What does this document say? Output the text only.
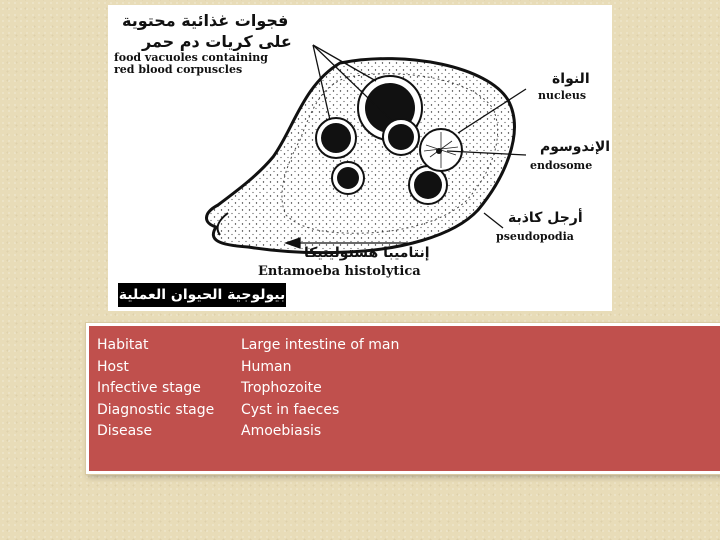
فجوات غذائية محتوية
على كريات دم حمر
food vacuoles containing
red blood corpuscles
النواة
nucleus
الإندوسوم
endosome
أرجل كاذبة
pseudopodia
إنتاميبا هستوليتيكا
Entamoeba histolytica
بيولوجية الحيوان العملية
Habitat
Host
Infective stage
Diagnostic stage
Disease
Large intestine of man
Human
Trophozoite
Cyst in faeces
Amoebiasis
